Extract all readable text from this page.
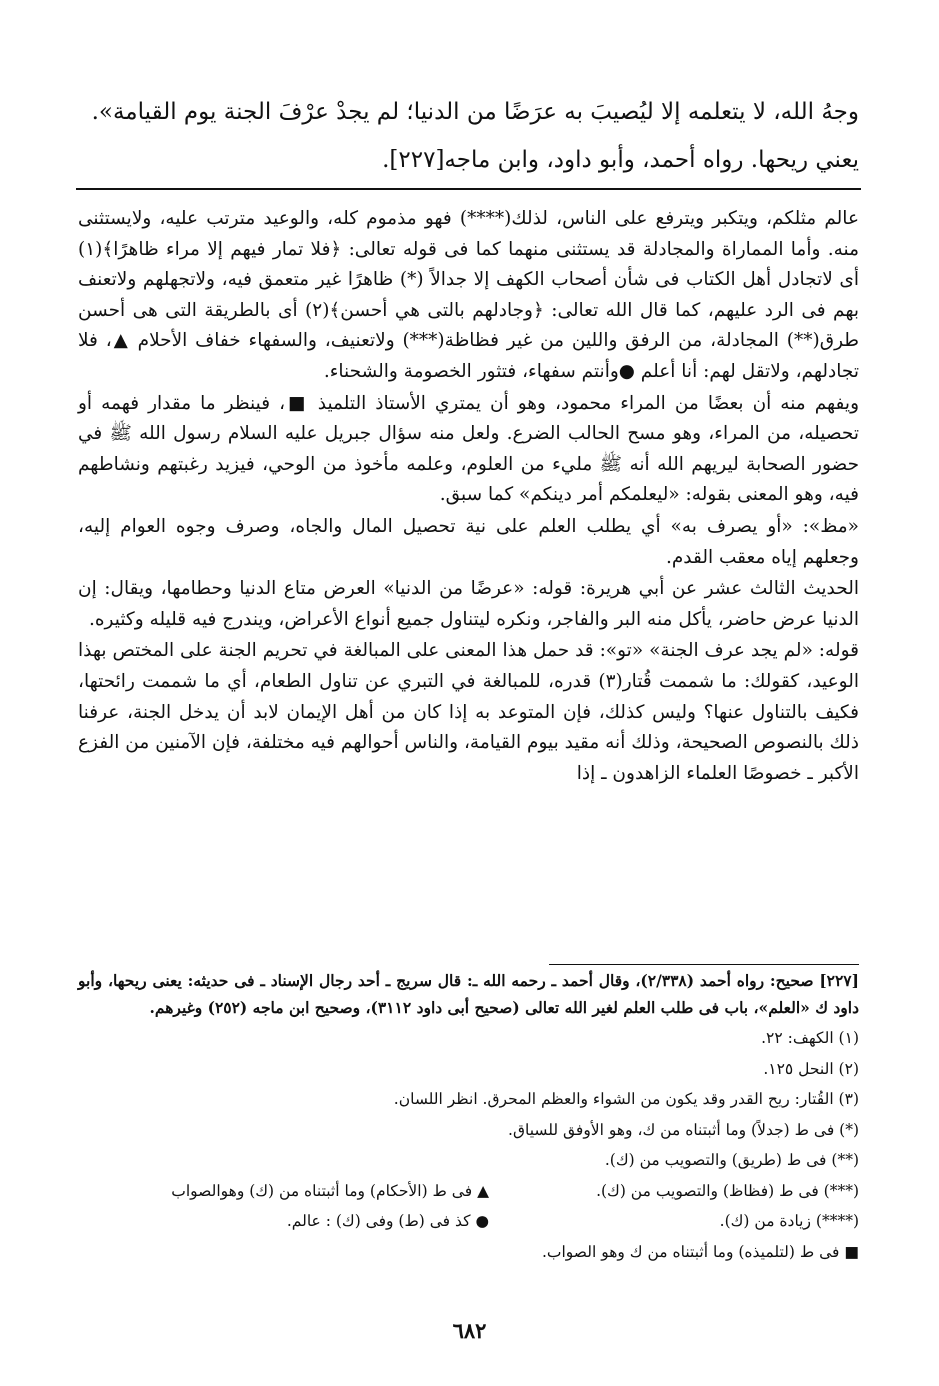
وجهُ الله، لا يتعلمه إلا ليُصيبَ به عرَضًا من الدنيا؛ لم يجدْ عرْفَ الجنة يوم القيامة».

يعني ريحها. رواه أحمد، وأبو داود، وابن ماجه[٢٢٧].

عالم مثلكم، ويتكبر ويترفع على الناس، لذلك(****) فهو مذموم كله، والوعيد مترتب عليه، ولايستثنى منه. وأما المماراة والمجادلة قد يستثنى منهما كما فى قوله تعالى: ﴿فلا تمار فيهم إلا مراء ظاهرًا﴾(١) أى لاتجادل أهل الكتاب فى شأن أصحاب الكهف إلا جدالاً (*) ظاهرًا غير متعمق فيه، ولاتجهلهم ولاتعنف بهم فى الرد عليهم، كما قال الله تعالى: ﴿وجادلهم بالتى هي أحسن﴾(٢) أى بالطريقة التى هى أحسن طرق(**) المجادلة، من الرفق واللين من غير فظاظة(***) ولاتعنيف، والسفهاء خفاف الأحلام ▲، فلا تجادلهم، ولاتقل لهم: أنا أعلم ●وأنتم سفهاء، فتثور الخصومة والشحناء.

ويفهم منه أن بعضًا من المراء محمود، وهو أن يمتري الأستاذ التلميذ ■، فينظر ما مقدار فهمه أو تحصيله، من المراء، وهو مسح الحالب الضرع. ولعل منه سؤال جبريل عليه السلام رسول الله ﷺ في حضور الصحابة ليريهم الله أنه ﷺ مليء من العلوم، وعلمه مأخوذ من الوحي، فيزيد رغبتهم ونشاطهم فيه، وهو المعنى بقوله: «ليعلمكم أمر دينكم» كما سبق.

«مظ»: «أو يصرف به» أي يطلب العلم على نية تحصيل المال والجاه، وصرف وجوه العوام إليه، وجعلهم إياه معقب القدم.

الحديث الثالث عشر عن أبي هريرة: قوله: «عرضًا من الدنيا» العرض متاع الدنيا وحطامها، ويقال: إن الدنيا عرض حاضر، يأكل منه البر والفاجر، ونكره ليتناول جميع أنواع الأعراض، ويندرج فيه قليله وكثيره.

قوله: «لم يجد عرف الجنة» «تو»: قد حمل هذا المعنى على المبالغة في تحريم الجنة على المختص بهذا الوعيد، كقولك: ما شممت قُتار(٣) قدره، للمبالغة في التبري عن تناول الطعام، أي ما شممت رائحتها، فكيف بالتناول عنها؟ وليس كذلك، فإن المتوعد به إذا كان من أهل الإيمان لابد أن يدخل الجنة، عرفنا ذلك بالنصوص الصحيحة، وذلك أنه مقيد بيوم القيامة، والناس أحوالهم فيه مختلفة، فإن الآمنين من الفزع الأكبر ـ خصوصًا العلماء الزاهدون ـ إذا

[٢٢٧] صحيح: رواه أحمد (٢/٣٣٨)، وقال أحمد ـ رحمه الله ـ: قال سريج ـ أحد رجال الإسناد ـ فى حديثه: يعنى ريحها، وأبو داود ك «العلم»، باب فى طلب العلم لغير الله تعالى (صحيح أبى داود ٣١١٢)، وصحيح ابن ماجه (٢٥٢) وغيرهم.

(١) الكهف: ٢٢.
(٢) النحل ١٢٥.
(٣) القُتار: ريح القدر وقد يكون من الشواء والعظم المحرق. انظر اللسان.
(*) فى ط (جدلاً) وما أثبتناه من ك، وهو الأوفق للسياق.
(**) فى ط (طريق) والتصويب من (ك).
(***) فى ط (فظاظ) والتصويب من (ك).
▲ فى ط (الأحكام) وما أثبتناه من (ك) وهوالصواب
(****) زيادة من (ك).
● كذ فى (ط) وفى (ك) : عالم.
■ فى ط (لتلميذه) وما أثبتناه من ك وهو الصواب.
٦٨٢
